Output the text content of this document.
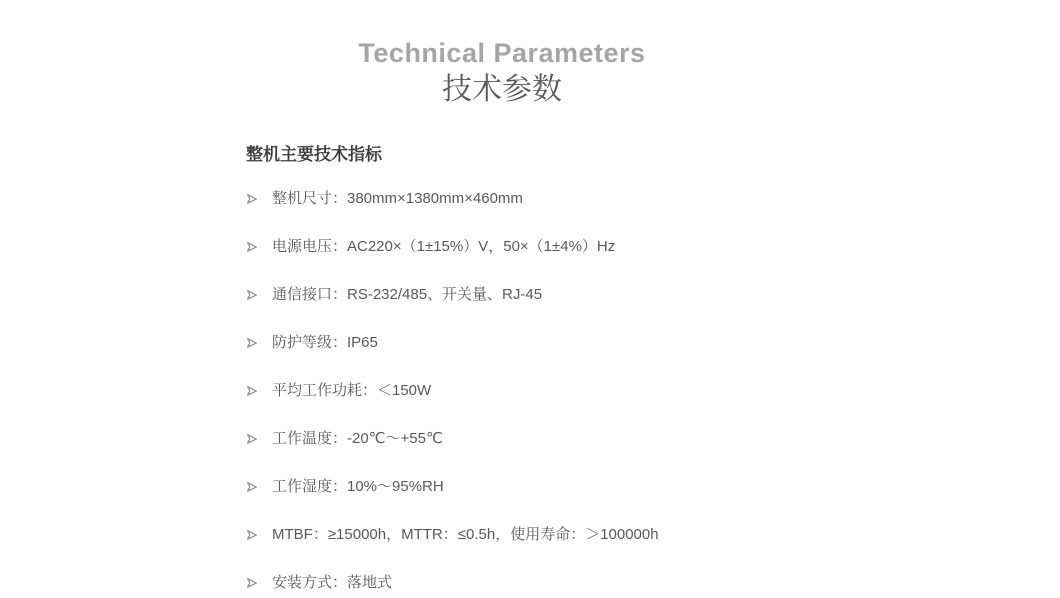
Technical Parameters
技术参数
整机主要技术指标
整机尺寸：380mm×1380mm×460mm
电源电压：AC220×（1±15%）V，50×（1±4%）Hz
通信接口：RS-232/485、开关量、RJ-45
防护等级：IP65
平均工作功耗：＜150W
工作温度：-20℃～+55℃
工作湿度：10%～95%RH
MTBF：≥15000h，MTTR：≤0.5h，使用寿命：＞100000h
安装方式：落地式
